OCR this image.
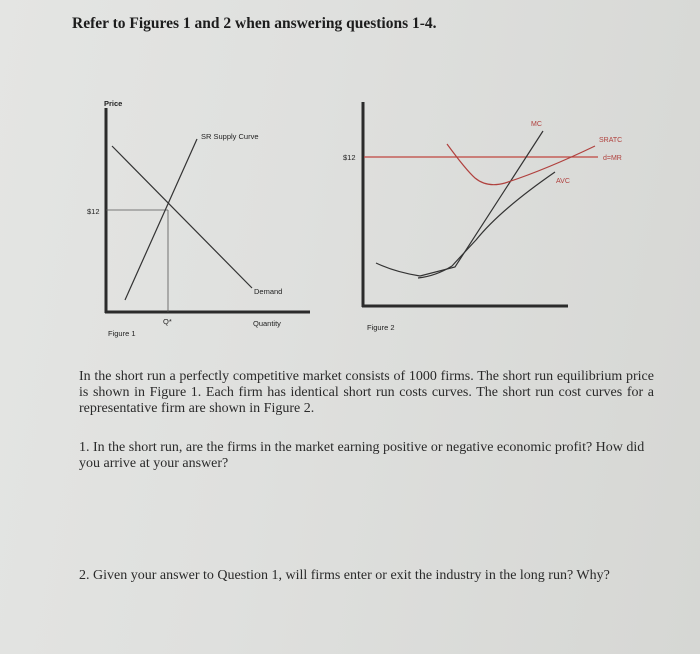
Refer to Figures 1 and 2 when answering questions 1-4.
Price
$12
SR Supply Curve
Demand
Quantity
Q*
Figure 1
$12
MC
SRATC
d=MR
AVC
Figure 2
In the short run a perfectly competitive market consists of 1000 firms. The short run equilibrium price is shown in Figure 1. Each firm has identical short run costs curves. The short run cost curves for a representative firm are shown in Figure 2.
1. In the short run, are the firms in the market earning positive or negative economic profit? How did you arrive at your answer?
2. Given your answer to Question 1, will firms enter or exit the industry in the long run? Why?
